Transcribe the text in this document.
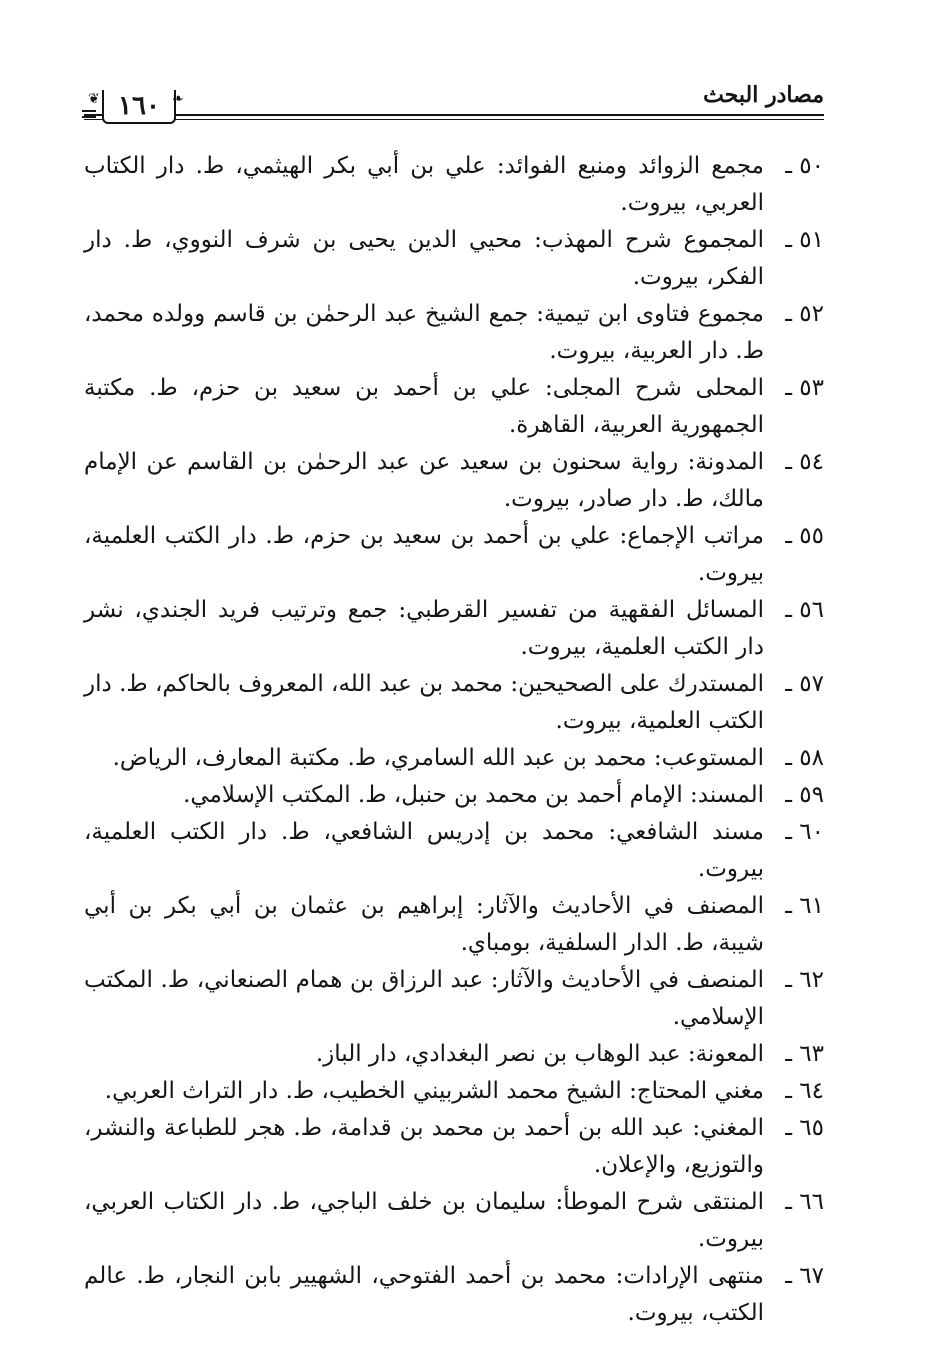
مصادر البحث
❦ ١٦٠ ❧
٥٠ ـ
مجمع الزوائد ومنبع الفوائد: علي بن أبي بكر الهيثمي، ط. دار الكتاب العربي، بيروت.
٥١ ـ
المجموع شرح المهذب: محيي الدين يحيى بن شرف النووي، ط. دار الفكر، بيروت.
٥٢ ـ
مجموع فتاوى ابن تيمية: جمع الشيخ عبد الرحمٰن بن قاسم وولده محمد، ط. دار العربية، بيروت.
٥٣ ـ
المحلى شرح المجلى: علي بن أحمد بن سعيد بن حزم، ط. مكتبة الجمهورية العربية، القاهرة.
٥٤ ـ
المدونة: رواية سحنون بن سعيد عن عبد الرحمٰن بن القاسم عن الإمام مالك، ط. دار صادر، بيروت.
٥٥ ـ
مراتب الإجماع: علي بن أحمد بن سعيد بن حزم، ط. دار الكتب العلمية، بيروت.
٥٦ ـ
المسائل الفقهية من تفسير القرطبي: جمع وترتيب فريد الجندي، نشر دار الكتب العلمية، بيروت.
٥٧ ـ
المستدرك على الصحيحين: محمد بن عبد الله، المعروف بالحاكم، ط. دار الكتب العلمية، بيروت.
٥٨ ـ
المستوعب: محمد بن عبد الله السامري، ط. مكتبة المعارف، الرياض.
٥٩ ـ
المسند: الإمام أحمد بن محمد بن حنبل، ط. المكتب الإسلامي.
٦٠ ـ
مسند الشافعي: محمد بن إدريس الشافعي، ط. دار الكتب العلمية، بيروت.
٦١ ـ
المصنف في الأحاديث والآثار: إبراهيم بن عثمان بن أبي بكر بن أبي شيبة، ط. الدار السلفية، بومباي.
٦٢ ـ
المنصف في الأحاديث والآثار: عبد الرزاق بن همام الصنعاني، ط. المكتب الإسلامي.
٦٣ ـ
المعونة: عبد الوهاب بن نصر البغدادي، دار الباز.
٦٤ ـ
مغني المحتاج: الشيخ محمد الشربيني الخطيب، ط. دار التراث العربي.
٦٥ ـ
المغني: عبد الله بن أحمد بن محمد بن قدامة، ط. هجر للطباعة والنشر، والتوزيع، والإعلان.
٦٦ ـ
المنتقى شرح الموطأ: سليمان بن خلف الباجي، ط. دار الكتاب العربي، بيروت.
٦٧ ـ
منتهى الإرادات: محمد بن أحمد الفتوحي، الشهيير بابن النجار، ط. عالم الكتب، بيروت.
